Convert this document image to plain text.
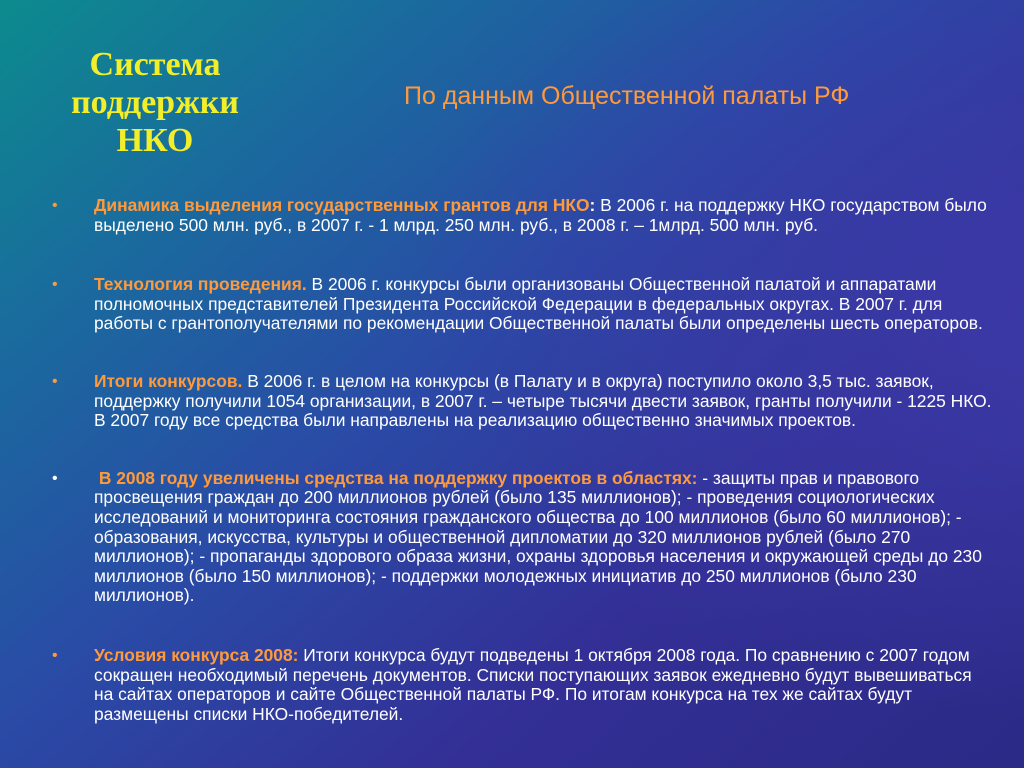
Система поддержки НКО
По данным Общественной палаты РФ
• Динамика выделения государственных грантов для НКО: В 2006 г. на поддержку НКО государством было выделено 500 млн. руб., в 2007 г. - 1 млрд. 250 млн. руб., в 2008 г. – 1млрд. 500 млн. руб.
• Технология проведения. В 2006 г. конкурсы были организованы Общественной палатой и аппаратами полномочных представителей Президента Российской Федерации в федеральных округах. В 2007 г. для работы с грантополучателями по рекомендации Общественной палаты были определены шесть операторов.
• Итоги конкурсов. В 2006 г. в целом на конкурсы (в Палату и в округа) поступило около 3,5 тыс. заявок, поддержку получили 1054 организации, в 2007 г. – четыре тысячи двести заявок, гранты получили - 1225 НКО. В 2007 году все средства были направлены на реализацию общественно значимых проектов.
• В 2008 году увеличены средства на поддержку проектов в областях: - защиты прав и правового просвещения граждан до 200 миллионов рублей (было 135 миллионов); - проведения социологических исследований и мониторинга состояния гражданского общества до 100 миллионов (было 60 миллионов); - образования, искусства, культуры и общественной дипломатии до 320 миллионов рублей (было 270 миллионов); - пропаганды здорового образа жизни, охраны здоровья населения и окружающей среды до 230 миллионов (было 150 миллионов); - поддержки молодежных инициатив до 250 миллионов (было 230 миллионов).
• Условия конкурса 2008: Итоги конкурса будут подведены 1 октября 2008 года. По сравнению с 2007 годом сокращен необходимый перечень документов. Списки поступающих заявок ежедневно будут вывешиваться на сайтах операторов и сайте Общественной палаты РФ. По итогам конкурса на тех же сайтах будут размещены списки НКО-победителей.
